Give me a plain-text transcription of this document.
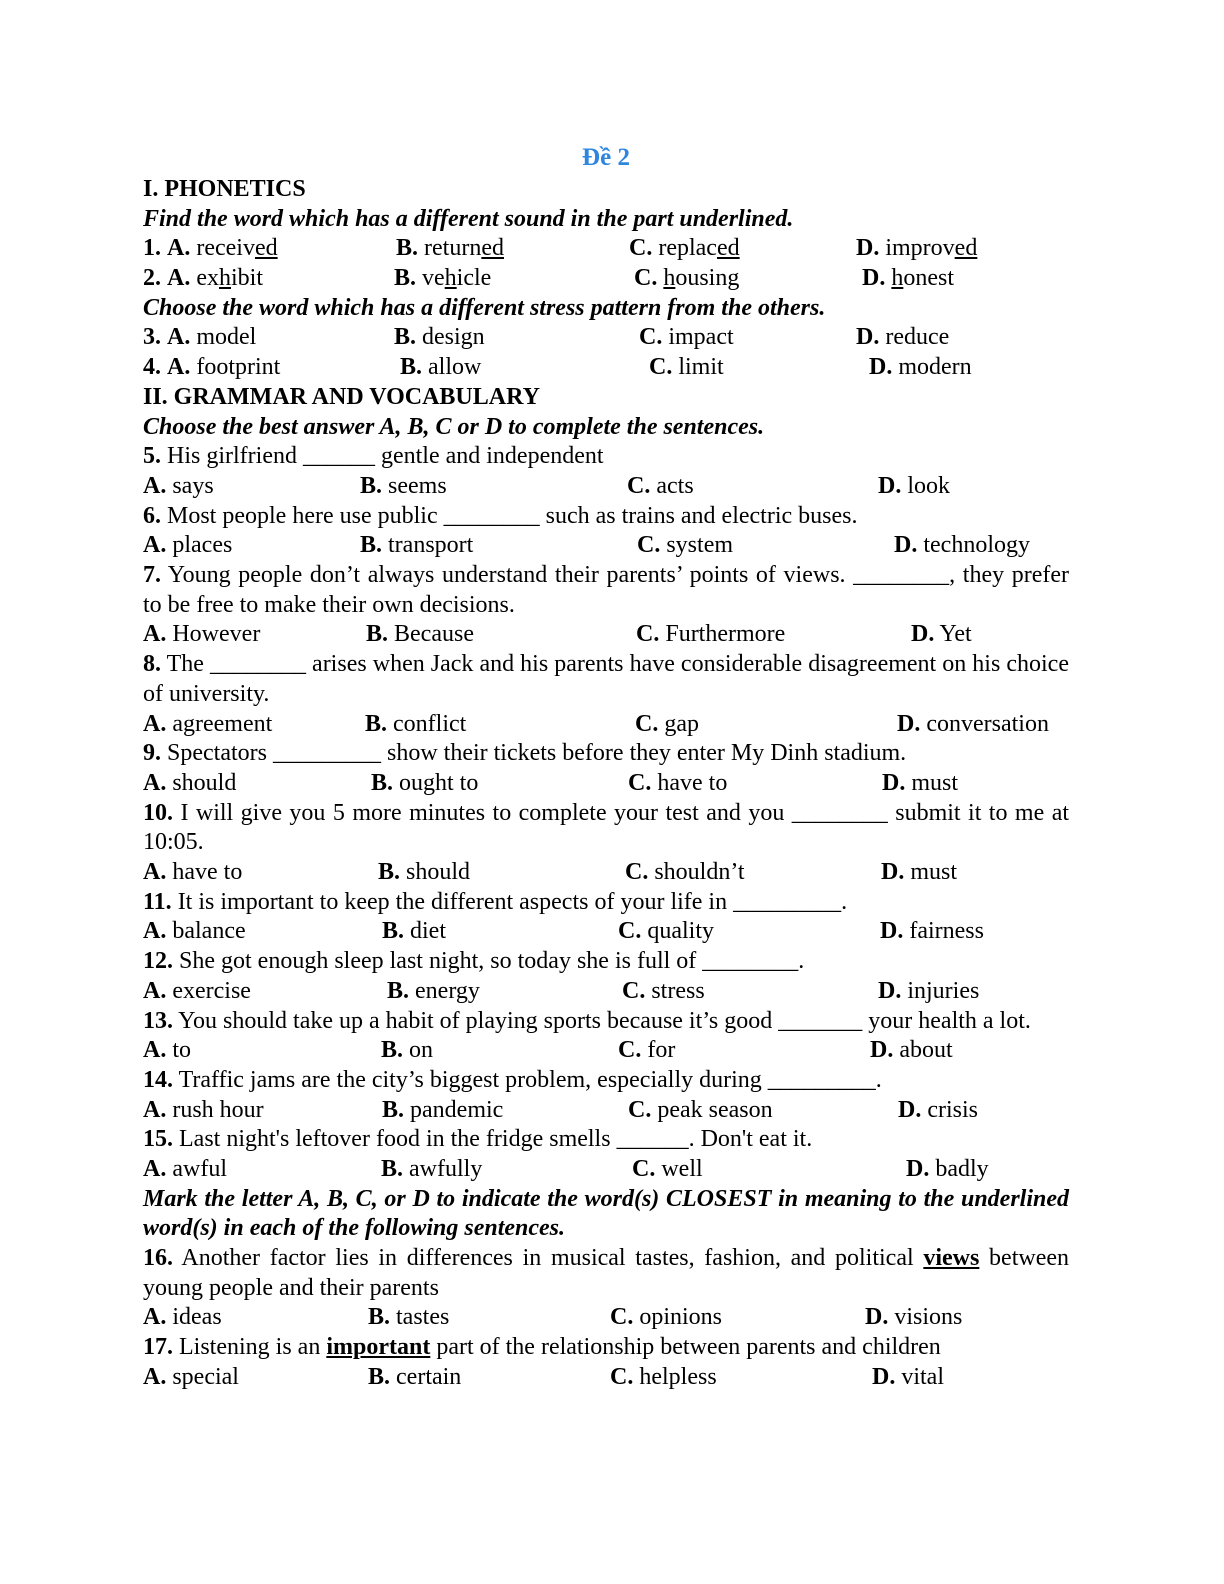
Đề 2
I. PHONETICS
Find the word which has a different sound in the part underlined.
1. A. received	B. returned	C. replaced	D. improved
2. A. exhibit	B. vehicle	C. housing	D. honest
Choose the word which has a different stress pattern from the others.
3. A. model	B. design	C. impact	D. reduce
4. A. footprint	B. allow	C. limit	D. modern
II. GRAMMAR AND VOCABULARY
Choose the best answer A, B, C or D to complete the sentences.
5. His girlfriend ______ gentle and independent
A. says	B. seems	C. acts	D. look
6. Most people here use public ________ such as trains and electric buses.
A. places	B. transport	C. system	D. technology
7. Young people don’t always understand their parents’ points of views. ________, they prefer to be free to make their own decisions.
A. However	B. Because	C. Furthermore	D. Yet
8. The ________ arises when Jack and his parents have considerable disagreement on his choice of university.
A. agreement	B. conflict	C. gap	D. conversation
9. Spectators _________ show their tickets before they enter My Dinh stadium.
A. should	B. ought to	C. have to	D. must
10. I will give you 5 more minutes to complete your test and you ________ submit it to me at 10:05.
A. have to	B. should	C. shouldn’t	D. must
11. It is important to keep the different aspects of your life in _________.
A. balance	B. diet	C. quality	D. fairness
12. She got enough sleep last night, so today she is full of ________.
A. exercise	B. energy	C. stress	D. injuries
13. You should take up a habit of playing sports because it’s good _______ your health a lot.
A. to	B. on	C. for	D. about
14. Traffic jams are the city’s biggest problem, especially during _________.
A. rush hour	B. pandemic	C. peak season	D. crisis
15. Last night's leftover food in the fridge smells ______. Don't eat it.
A. awful	B. awfully	C. well	D. badly
Mark the letter A, B, C, or D to indicate the word(s) CLOSEST in meaning to the underlined word(s) in each of the following sentences.
16. Another factor lies in differences in musical tastes, fashion, and political views between young people and their parents
A. ideas	B. tastes	C. opinions	D. visions
17. Listening is an important part of the relationship between parents and children
A. special	B. certain	C. helpless	D. vital
